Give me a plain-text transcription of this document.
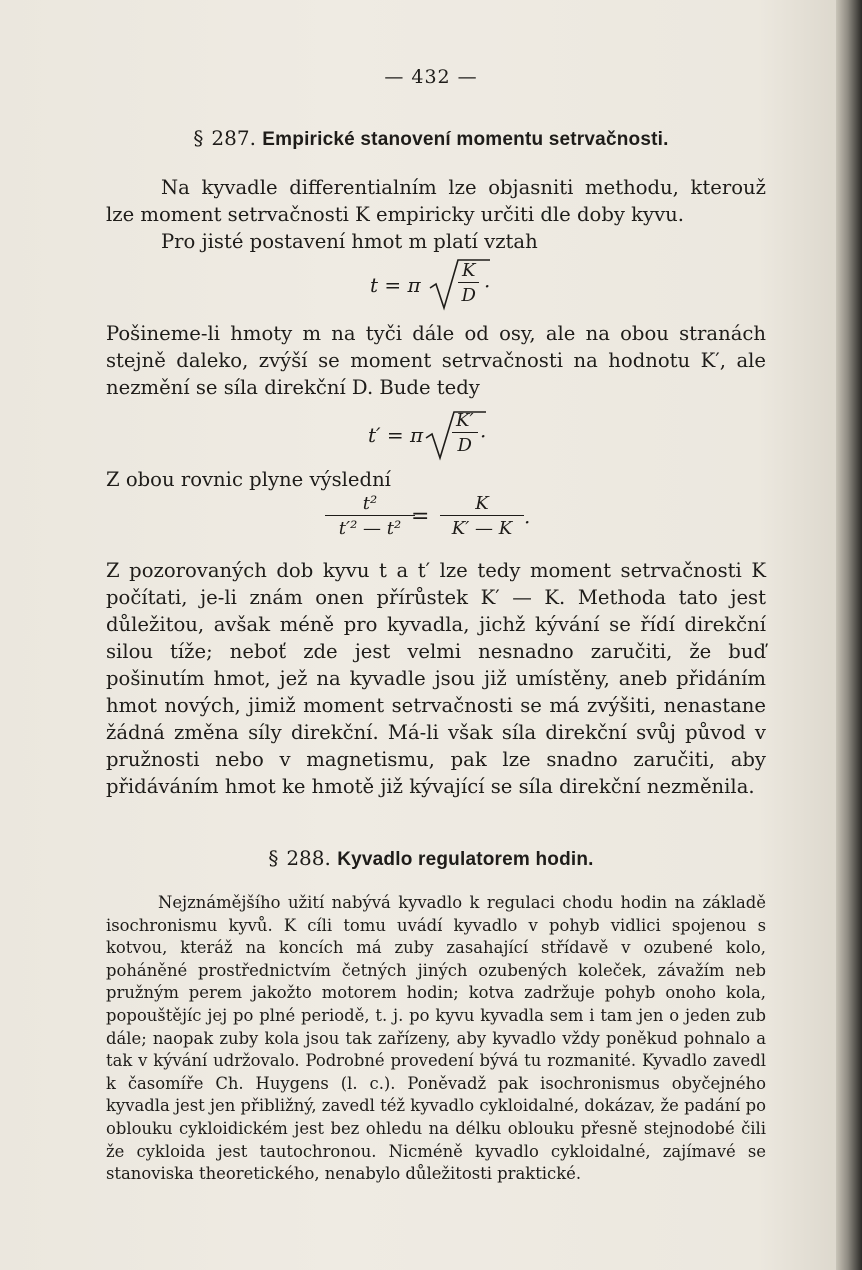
— 432 —
§ 287. Empirické stanovení momentu setrvačnosti.
Na kyvadle differentialním lze objasniti methodu, kterouž lze moment setrvačnosti K empiricky určiti dle doby kyvu.
Pro jisté postavení hmot m platí vztah
t = π
K
D ·
Pošineme-li hmoty m na tyči dále od osy, ale na obou stranách stejně daleko, zvýší se moment setrvačnosti na hodnotu K′, ale nezmění se síla direkční D. Bude tedy
t′ = π
K′
D ·
Z obou rovnic plyne výslední
t²
t′² — t² =
K
K′ — K ·
Z pozorovaných dob kyvu t a t′ lze tedy moment setrvačnosti K počítati, je-li znám onen přírůstek K′ — K. Methoda tato jest důležitou, avšak méně pro kyvadla, jichž kývání se řídí direkční silou tíže; neboť zde jest velmi nesnadno zaručiti, že buď pošinutím hmot, jež na kyvadle jsou již umístěny, aneb přidáním hmot nových, jimiž moment setrvačnosti se má zvýšiti, nenastane žádná změna síly direkční. Má-li však síla direkční svůj původ v pružnosti nebo v magnetismu, pak lze snadno zaručiti, aby přidáváním hmot ke hmotě již kývající se síla direkční nezměnila.
§ 288. Kyvadlo regulatorem hodin.
Nejznámějšího užití nabývá kyvadlo k regulaci chodu hodin na základě isochronismu kyvů. K cíli tomu uvádí kyvadlo v pohyb vidlici spojenou s kotvou, kteráž na koncích má zuby zasahající střídavě v ozubené kolo, poháněné prostřednictvím četných jiných ozubených koleček, závažím neb pružným perem jakožto motorem hodin; kotva zadržuje pohyb onoho kola, popouštějíc jej po plné periodě, t. j. po kyvu kyvadla sem i tam jen o jeden zub dále; naopak zuby kola jsou tak zařízeny, aby kyvadlo vždy poněkud pohnalo a tak v kývání udržovalo. Podrobné provedení bývá tu rozmanité. Kyvadlo zavedl k časomíře Ch. Huygens (l. c.). Poněvadž pak isochronismus obyčejného kyvadla jest jen přibližný, zavedl též kyvadlo cykloidalné, dokázav, že padání po oblouku cykloidickém jest bez ohledu na délku oblouku přesně stejnodobé čili že cykloida jest tautochronou. Nicméně kyvadlo cykloidalné, zajímavé se stanoviska theoretického, nenabylo důležitosti praktické.
